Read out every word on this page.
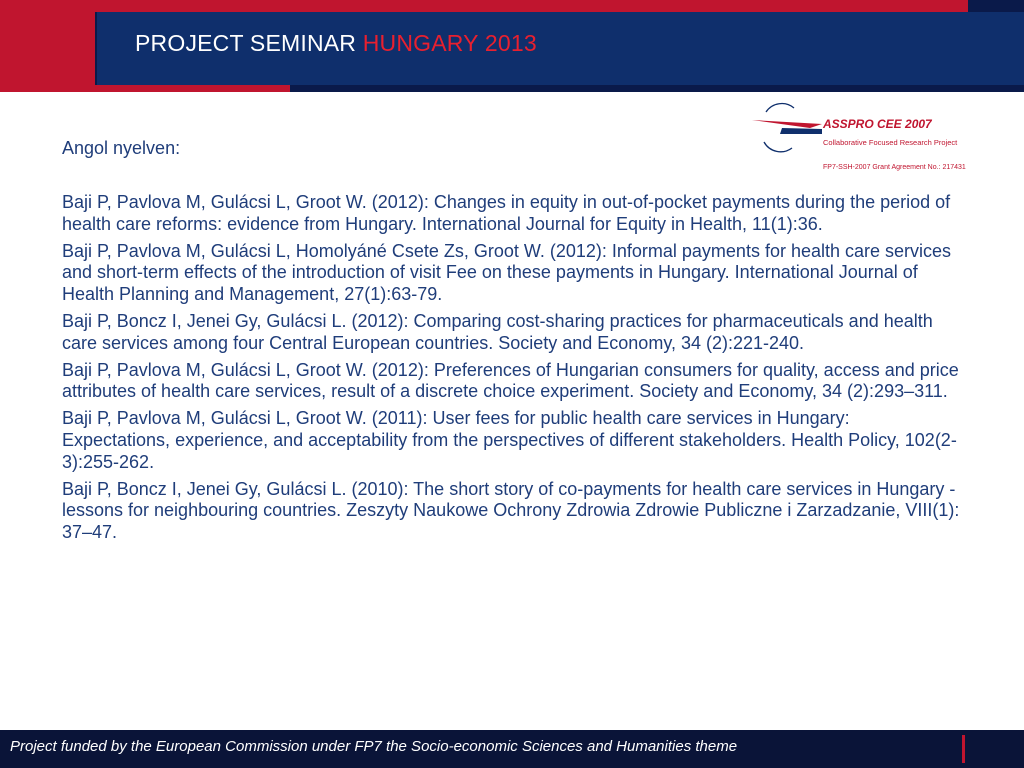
PROJECT SEMINAR HUNGARY 2013
ASSPRO CEE 2007
Collaborative Focused Research Project
FP7-SSH-2007 Grant Agreement No.: 217431
Angol nyelven:

Baji P, Pavlova M, Gulácsi L, Groot W. (2012): Changes in equity in out-of-pocket payments during the period of health care reforms: evidence from Hungary. International Journal for Equity in Health, 11(1):36.

Baji P, Pavlova M, Gulácsi L, Homolyáné Csete Zs, Groot W. (2012): Informal payments for health care services and short-term effects of the introduction of visit Fee on these payments in Hungary. International Journal of Health Planning and Management, 27(1):63-79.

Baji P, Boncz I, Jenei Gy, Gulácsi L. (2012): Comparing cost-sharing practices for pharmaceuticals and health care services among four Central European countries. Society and Economy, 34 (2):221-240.

Baji P, Pavlova M, Gulácsi L, Groot W. (2012): Preferences of Hungarian consumers for quality, access and price attributes of health care services, result of a discrete choice experiment. Society and Economy, 34 (2):293–311.

Baji P, Pavlova M, Gulácsi L, Groot W. (2011): User fees for public health care services in Hungary: Expectations, experience, and acceptability from the perspectives of different stakeholders. Health Policy, 102(2-3):255-262.

Baji P, Boncz I, Jenei Gy, Gulácsi L. (2010): The short story of co-payments for health care services in Hungary - lessons for neighbouring countries. Zeszyty Naukowe Ochrony Zdrowia Zdrowie Publiczne i Zarzadzanie, VIII(1): 37–47.

Project funded by the European Commission under FP7 the Socio-economic Sciences and Humanities theme
